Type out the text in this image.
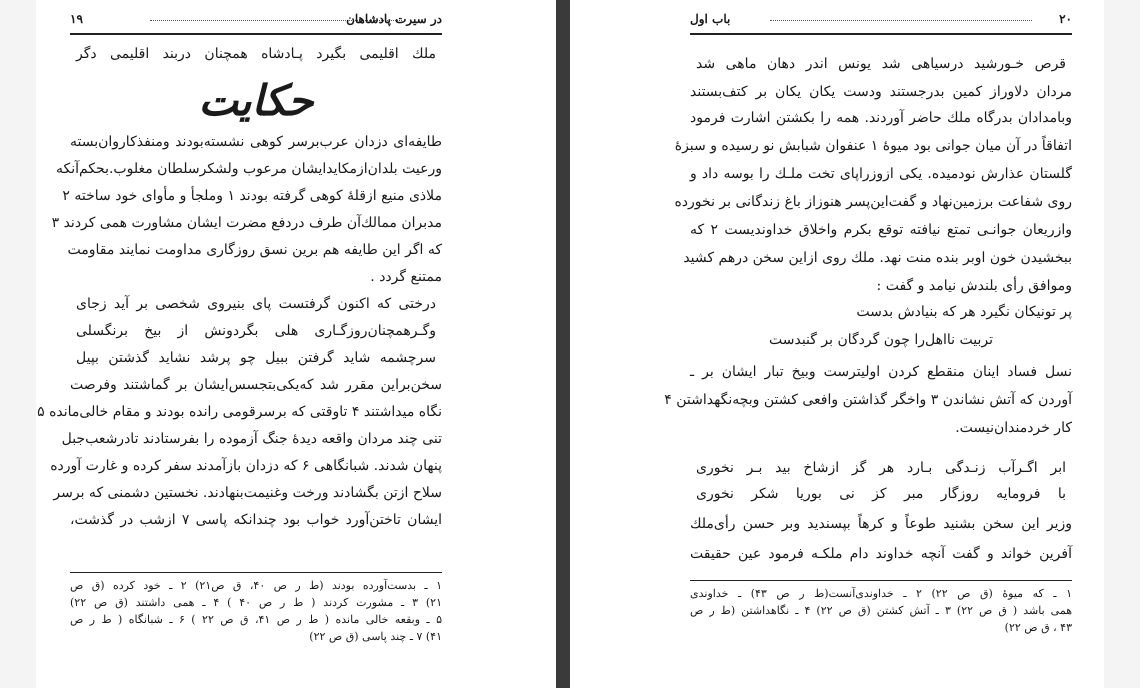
۱۹	در سیرت پادشاهان
ملك اقليمی بگيرد پـادشاه همچنان دربند اقليمی دگر
حكايت
طايفه‌ای دزدان عرب‌برسر كوهی نشسته‌بودند ومنفذكاروان‌بسته
ورعيت بلدان‌ازمكايدايشان مرعوب ولشكرسلطان مغلوب.بحكم‌آنكه
ملاذی منيع ازقلهٔ كوهی گرفته بودند ۱ وملجأ و مأوای خود ساخته ۲
مدبران ممالك‌آن طرف دردفع مضرت ايشان مشاورت همی كردند ۳
كه اگر اين طايفه هم برين نسق روزگاری مداومت نمايند مقاومت
ممتنع گردد .
درختی كه اكنون گرفتست پای بنيروی شخصی بر آيد زجای
وگـرهمچنان‌روزگـاری هلی بگردونش از بيخ برنگسلی
سرچشمه شايد گرفتن ببيل چو پرشد نشايد گذشتن بپيل
سخن‌براين مقرر شد كه‌يكی‌بتجسس‌ايشان بر گماشتند وفرصت
نگاه ميداشتند ۴ تاوقتی كه برسرقومی رانده بودند و مقام خالی‌مانده ۵
تنی چند مردان واقعه ديدهٔ جنگ آزموده را بفرستادند تادرشعب‌جبل
پنهان شدند. شبانگاهی ۶ كه دزدان بازآمدند سفر كرده و غارت آورده
سلاح ازتن بگشادند ورخت وغنيمت‌بنهادند. نخستين دشمنی كه برسر
ايشان تاختن‌آورد خواب بود چندانكه پاسی ۷ ازشب در گذشت،
۱ ـ بدست‌آورده بودند (ط ر ص ۴۰، ق ص۲۱) ۲ ـ خود كرده (ق ص
۲۱) ۳ ـ مشورت كردند ( ط ر ص ۴۰ ) ۴ ـ همی داشتند (ق ص ۲۲)
۵ ـ وبقعه خالی مانده ( ط ر ص ۴۱، ق ص ۲۲ ) ۶ ـ شبانگاه ( ط ر ص
۴۱) ۷ ـ چند پاسی (ق ص ۲۲)
۲۰
باب اول
قرص خـورشيد درسياهی شد يونس اندر دهان ماهی شد
مردان دلاوراز كمين بدرجستند ودست يكان يكان بر كتف‌بستند
وبامدادان بدرگاه ملك حاضر آوردند. همه را بكشتن اشارت فرمود
اتفاقاً در آن ميان جوانی بود ميوهٔ ۱ عنفوان شبابش نو رسيده و سبزهٔ
گلستان عذارش نودميده. يكی ازوزراپای تخت ملـك را بوسه داد و
روی شفاعت برزمين‌نهاد و گفت‌اين‌پسر هنوزاز باغ زندگانی بر نخورده
وازريعان جوانـی تمتع نيافته توقع بكرم واخلاق خداوندیست ۲ كه
ببخشيدن خون اوبر بنده منت نهد. ملك روی ازاين سخن درهم كشيد
وموافق رأی بلندش نيامد و گفت :
پر تونيكان نگيرد هر كه بنيادش بدست
تربيت نااهل‌را چون گردگان بر گنبدست
نسل فساد اينان منقطع كردن اوليترست وبيخ تبار ايشان بر ـ
آوردن كه آتش نشاندن ۳ واخگر گذاشتن وافعی كشتن وبچه‌نگهداشتن ۴
كار خردمندان‌نيست.
ابر اگـرآب زنـدگی بـارد هر گز ازشاخ بيد بـر نخوری
با فرومايه روزگار مبر كز نی بوريا شكر نخوری
وزير اين سخن بشنيد طوعاً و كرهاً بپسنديد وبر حسن رأی‌ملك
آفرين خواند و گفت آنچه خداوند دام ملكـه فرمود عين حقيقت
۱ ـ كه ميوهٔ (ق ص ۲۲) ۲ ـ خداوندی‌آنست(ط ر ص ۴۳) ـ خداوندی
همی باشد ( ق ص ۲۲) ۳ ـ آتش كشتن (ق ص ۲۲) ۴ ـ نگاهداشتن (ط ر ص
۴۳ ، ق ص ۲۲)
